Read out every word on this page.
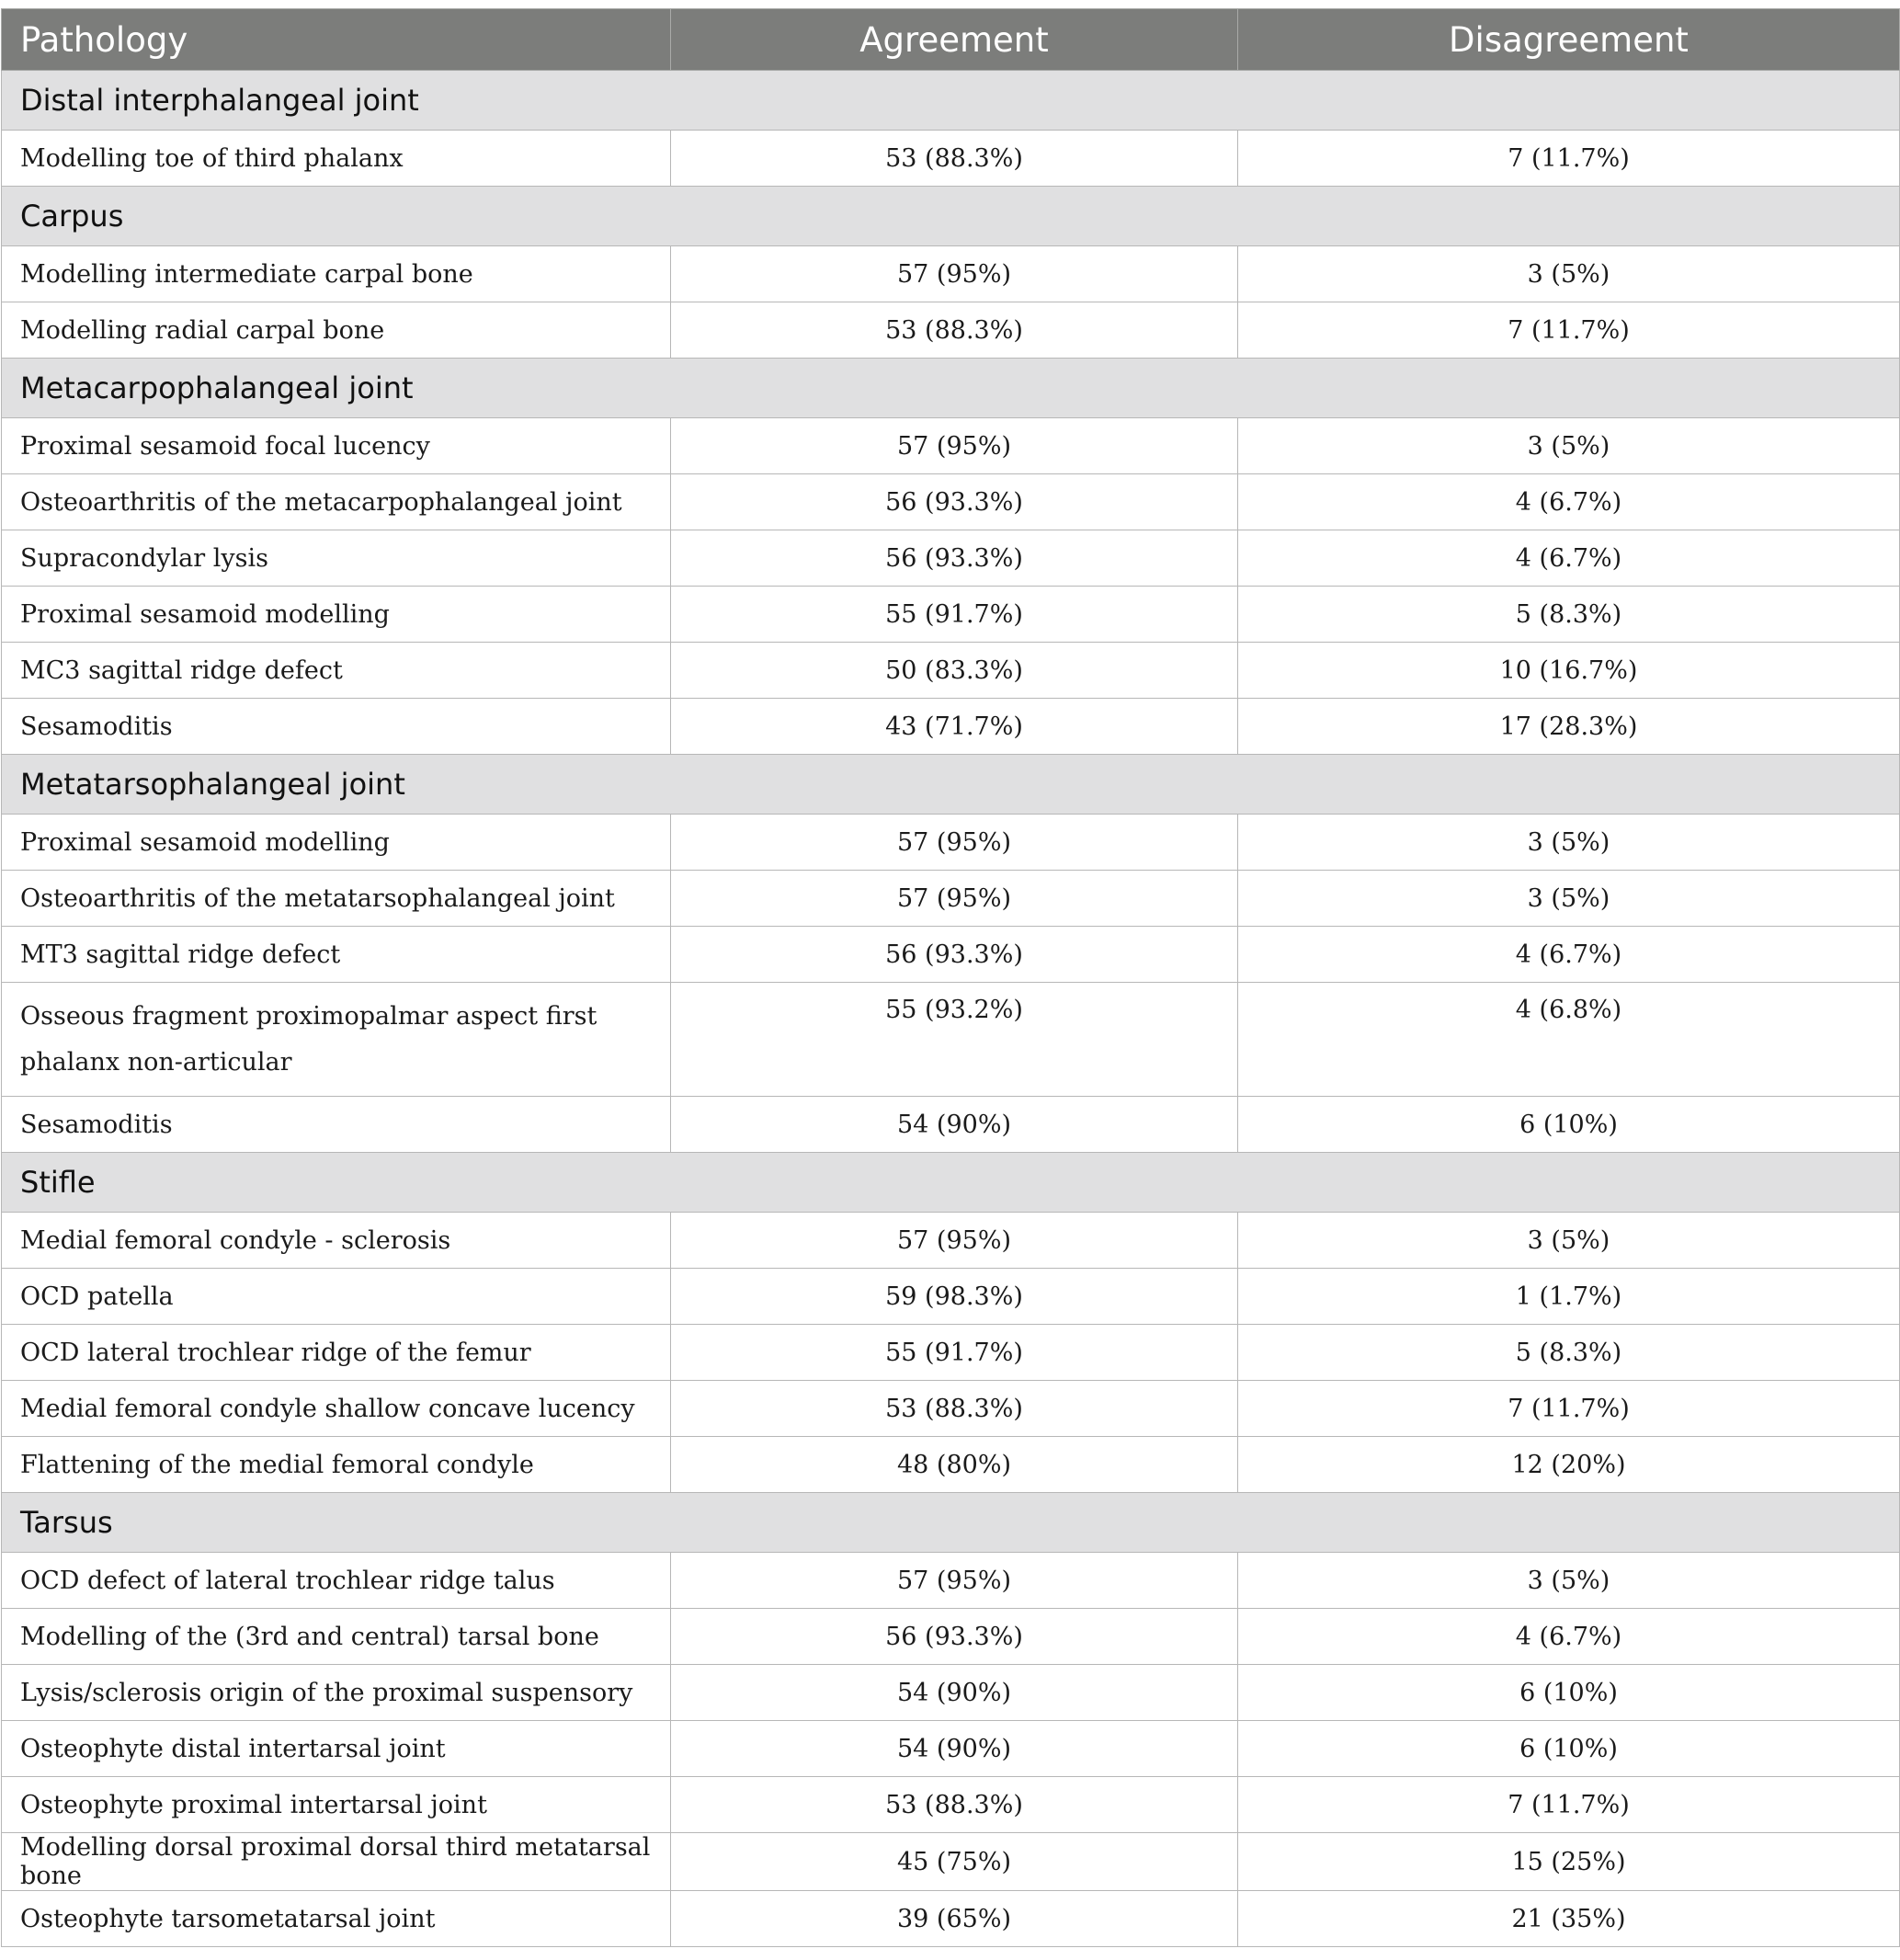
Pathology	Agreement	Disagreement
Distal interphalangeal joint		
Modelling toe of third phalanx	53 (88.3%)	7 (11.7%)
Carpus		
Modelling intermediate carpal bone	57 (95%)	3 (5%)
Modelling radial carpal bone	53 (88.3%)	7 (11.7%)
Metacarpophalangeal joint		
Proximal sesamoid focal lucency	57 (95%)	3 (5%)
Osteoarthritis of the metacarpophalangeal joint	56 (93.3%)	4 (6.7%)
Supracondylar lysis	56 (93.3%)	4 (6.7%)
Proximal sesamoid modelling	55 (91.7%)	5 (8.3%)
MC3 sagittal ridge defect	50 (83.3%)	10 (16.7%)
Sesamoditis	43 (71.7%)	17 (28.3%)
Metatarsophalangeal joint		
Proximal sesamoid modelling	57 (95%)	3 (5%)
Osteoarthritis of the metatarsophalangeal joint	57 (95%)	3 (5%)
MT3 sagittal ridge defect	56 (93.3%)	4 (6.7%)
Osseous fragment proximopalmar aspect first phalanx non-articular	55 (93.2%)	4 (6.8%)
Sesamoditis	54 (90%)	6 (10%)
Stifle		
Medial femoral condyle - sclerosis	57 (95%)	3 (5%)
OCD patella	59 (98.3%)	1 (1.7%)
OCD lateral trochlear ridge of the femur	55 (91.7%)	5 (8.3%)
Medial femoral condyle shallow concave lucency	53 (88.3%)	7 (11.7%)
Flattening of the medial femoral condyle	48 (80%)	12 (20%)
Tarsus		
OCD defect of lateral trochlear ridge talus	57 (95%)	3 (5%)
Modelling of the (3rd and central) tarsal bone	56 (93.3%)	4 (6.7%)
Lysis/sclerosis origin of the proximal suspensory	54 (90%)	6 (10%)
Osteophyte distal intertarsal joint	54 (90%)	6 (10%)
Osteophyte proximal intertarsal joint	53 (88.3%)	7 (11.7%)
Modelling dorsal proximal dorsal third metatarsal bone	45 (75%)	15 (25%)
Osteophyte tarsometatarsal joint	39 (65%)	21 (35%)
